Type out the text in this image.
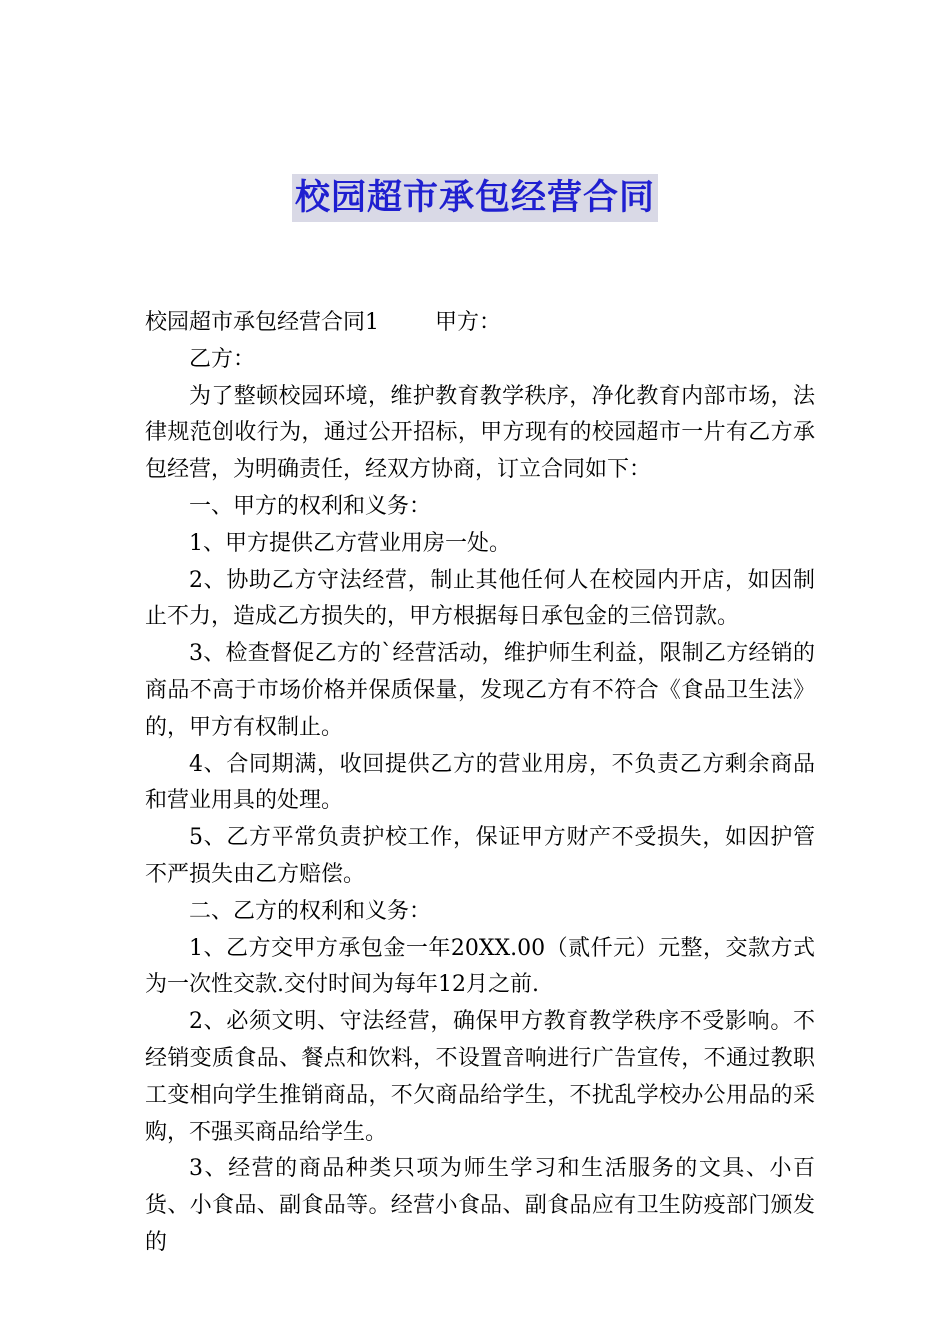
校园超市承包经营合同

校园超市承包经营合同1        甲方：

乙方：

为了整顿校园环境，维护教育教学秩序，净化教育内部市场，法律规范创收行为，通过公开招标，甲方现有的校园超市一片有乙方承包经营，为明确责任，经双方协商，订立合同如下：

一、甲方的权利和义务：

1、甲方提供乙方营业用房一处。

2、协助乙方守法经营，制止其他任何人在校园内开店，如因制止不力，造成乙方损失的，甲方根据每日承包金的三倍罚款。

3、检查督促乙方的`经营活动，维护师生利益，限制乙方经销的商品不高于市场价格并保质保量，发现乙方有不符合《食品卫生法》的，甲方有权制止。

4、合同期满，收回提供乙方的营业用房，不负责乙方剩余商品和营业用具的处理。

5、乙方平常负责护校工作，保证甲方财产不受损失，如因护管不严损失由乙方赔偿。

二、乙方的权利和义务：

1、乙方交甲方承包金一年20XX.00（贰仟元）元整，交款方式为一次性交款.交付时间为每年12月之前.

2、必须文明、守法经营，确保甲方教育教学秩序不受影响。不经销变质食品、餐点和饮料，不设置音响进行广告宣传，不通过教职工变相向学生推销商品，不欠商品给学生，不扰乱学校办公用品的采购，不强买商品给学生。

3、经营的商品种类只项为师生学习和生活服务的文具、小百货、小食品、副食品等。经营小食品、副食品应有卫生防疫部门颁发的
